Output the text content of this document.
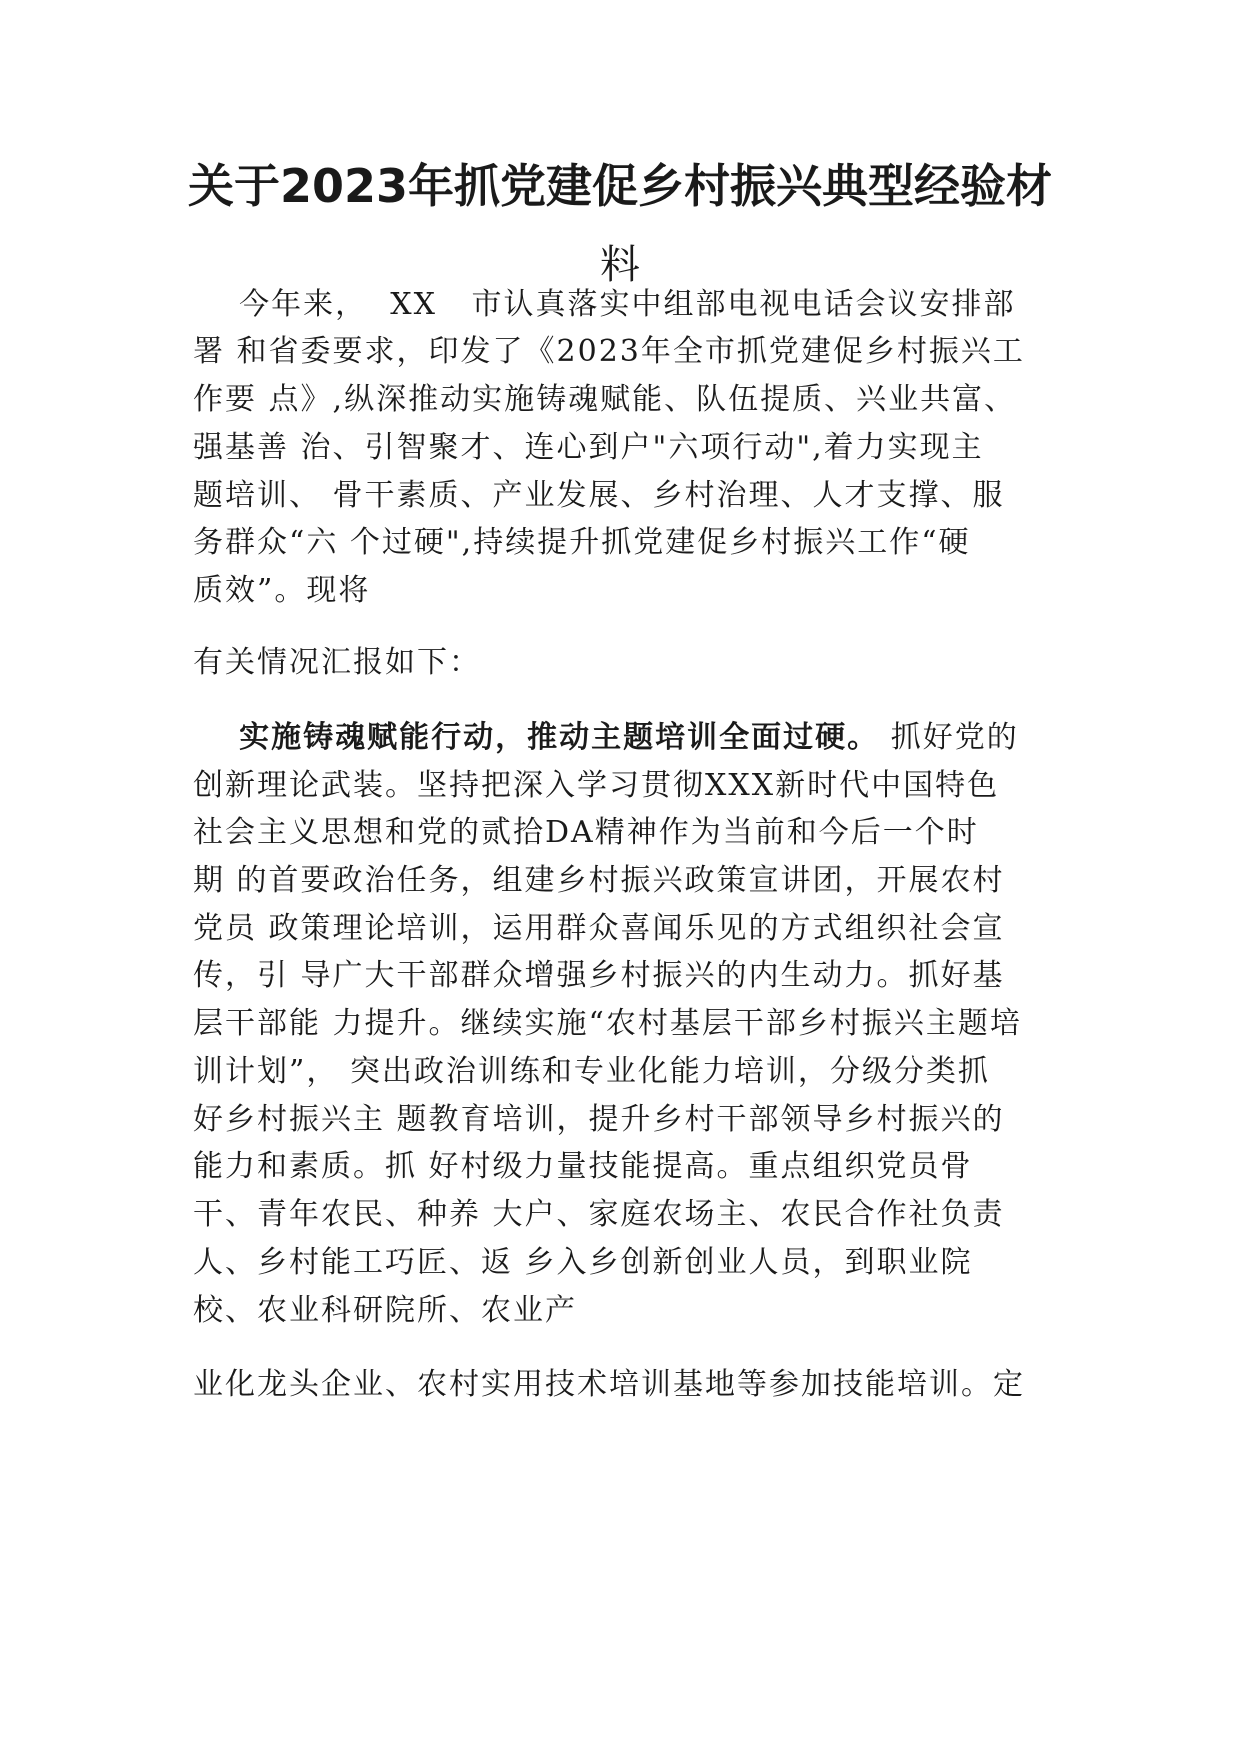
关于2023年抓党建促乡村振兴典型经验材
料
今年来，  XX   市认真落实中组部电视电话会议安排部
署 和省委要求，印发了《2023年全市抓党建促乡村振兴工
作要 点》,纵深推动实施铸魂赋能、队伍提质、兴业共富、
强基善 治、引智聚才、连心到户"六项行动",着力实现主
题培训、 骨干素质、产业发展、乡村治理、人才支撑、服
务群众“六 个过硬",持续提升抓党建促乡村振兴工作“硬
质效”。现将
有关情况汇报如下：
实施铸魂赋能行动，推动主题培训全面过硬。 抓好党的
创新理论武装。坚持把深入学习贯彻XXX新时代中国特色
社会主义思想和党的贰拾DA精神作为当前和今后一个时
期 的首要政治任务，组建乡村振兴政策宣讲团，开展农村
党员 政策理论培训，运用群众喜闻乐见的方式组织社会宣
传，引 导广大干部群众增强乡村振兴的内生动力。抓好基
层干部能 力提升。继续实施“农村基层干部乡村振兴主题培
训计划”， 突出政治训练和专业化能力培训，分级分类抓
好乡村振兴主 题教育培训，提升乡村干部领导乡村振兴的
能力和素质。抓 好村级力量技能提高。重点组织党员骨
干、青年农民、种养 大户、家庭农场主、农民合作社负责
人、乡村能工巧匠、返 乡入乡创新创业人员，到职业院
校、农业科研院所、农业产
业化龙头企业、农村实用技术培训基地等参加技能培训。定
